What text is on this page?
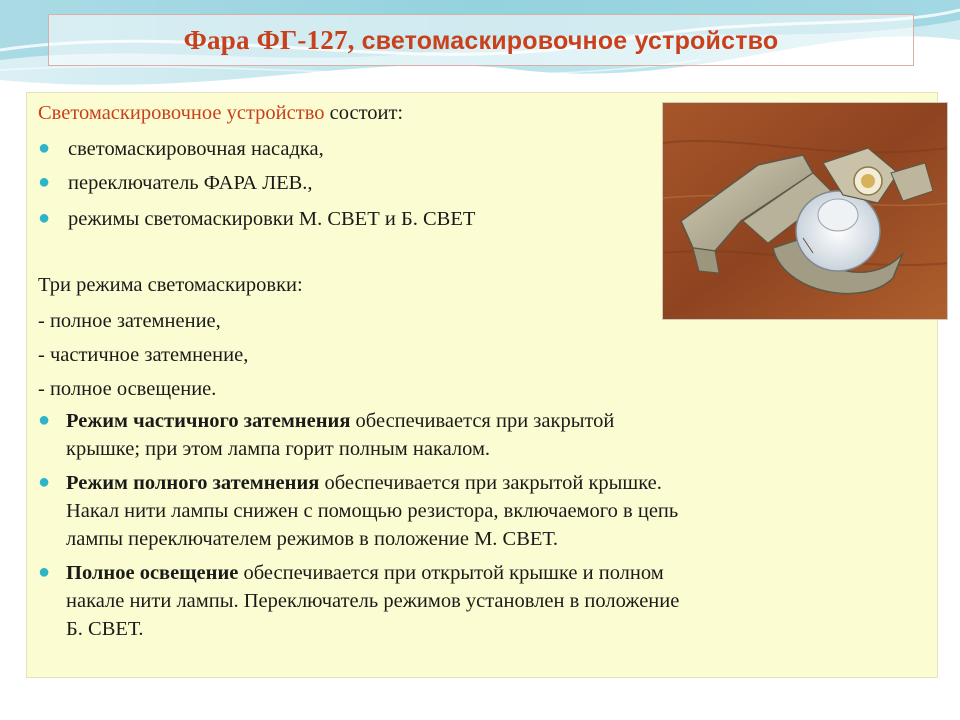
Фара ФГ-127, светомаскировочное устройство
Светомаскировочное устройство состоит:
● светомаскировочная насадка,
● переключатель ФАРА ЛЕВ.,
● режимы светомаскировки М. СВЕТ и Б. СВЕТ
Три режима светомаскировки:
- полное затемнение,
- частичное затемнение,
- полное освещение.
● Режим частичного затемнения обеспечивается при закрытой
крышке; при этом лампа горит полным накалом.
● Режим полного затемнения обеспечивается при закрытой крышке.
Накал нити лампы снижен с помощью резистора, включаемого в цепь
лампы переключателем режимов в положение М. СВЕТ.
● Полное освещение обеспечивается при открытой крышке и полном
накале нити лампы. Переключатель режимов установлен в положение
Б. СВЕТ.
